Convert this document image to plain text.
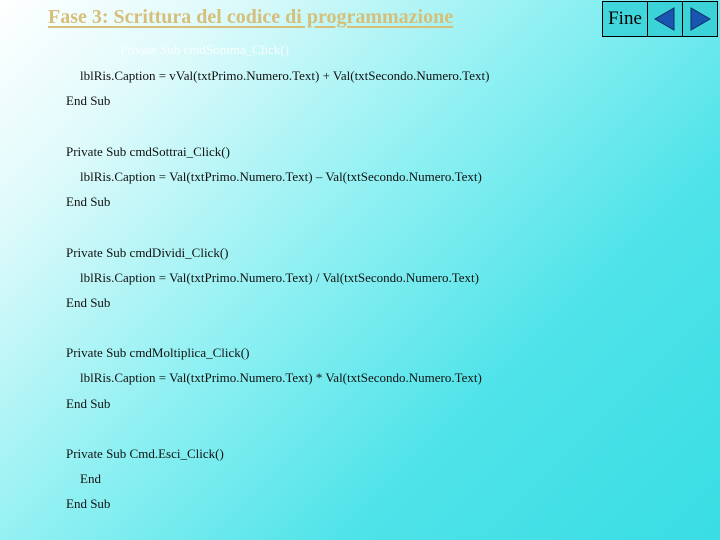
Fase 3: Scrittura del codice di programmazione
Private Sub cmdSomma_Click()
lblRis.Caption = vVal(txtPrimo.Numero.Text) + Val(txtSecondo.Numero.Text)
End Sub
Private Sub cmdSottrai_Click()
lblRis.Caption = Val(txtPrimo.Numero.Text) – Val(txtSecondo.Numero.Text)
End Sub
Private Sub cmdDividi_Click()
lblRis.Caption = Val(txtPrimo.Numero.Text) / Val(txtSecondo.Numero.Text)
End Sub
Private Sub cmdMoltiplica_Click()
lblRis.Caption = Val(txtPrimo.Numero.Text) * Val(txtSecondo.Numero.Text)
End Sub
Private Sub Cmd.Esci_Click()
End
End Sub
Fine
